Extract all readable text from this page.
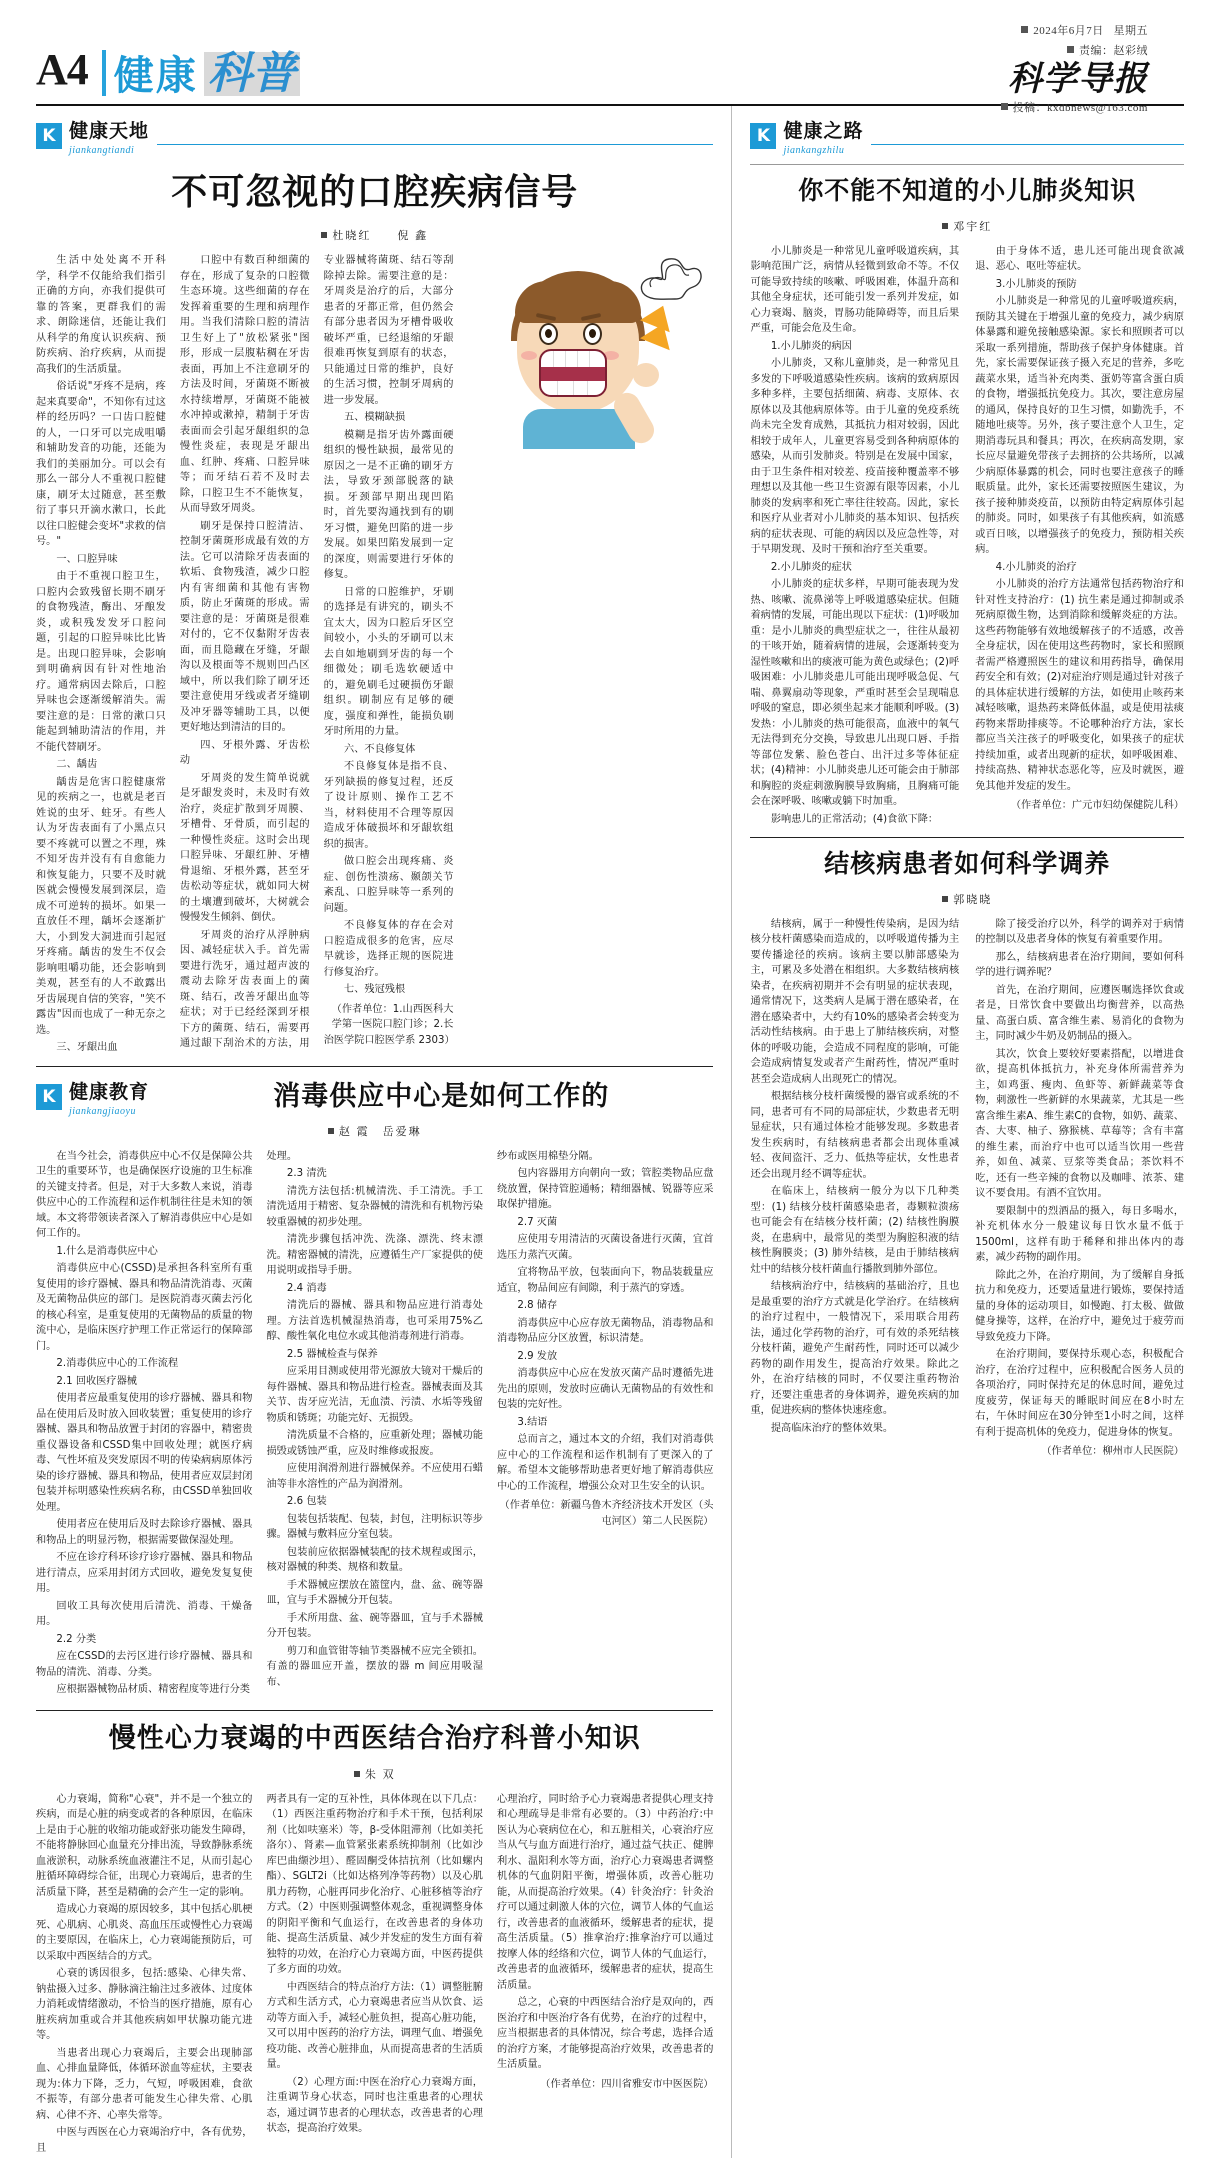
A4 健康 科普
2024年6月7日 星期五
责编：赵彩绒
科学导报
投稿：kxdbnews@163.com
K 健康天地
jiankangtiandi
不可忽视的口腔疾病信号
杜晓红　　倪 鑫

生活中处处离不开科学，科学不仅能给我们指引正确的方向，亦我们提供可靠的答案，更群我们的需求、朗除迷信，还能让我们从科学的角度认识疾病、预防疾病、治疗疾病，从而提高我们的生活质量。

俗话说"牙疼不是病，疼起来真要命"，不知你有过这样的经历吗？一口齿口腔健的人，一口牙可以完成咀嚼和辅助发音的功能，还能为我们的美丽加分。可以会有那么一部分人不重视口腔健康，刷牙太过随意，甚至敷衍了事只开滴水漱口，长此以往口腔健会变坏"求救的信号。"

一、口腔异味

由于不重视口腔卫生，口腔内会致残留长期不刷牙的食物残渣，酶出、牙酿发炎，或积残发发牙口腔问题，引起的口腔异味比比皆是。出现口腔异味，会影响到明确病因有针对性地治疗。通常病因去除后，口腔异味也会逐渐缓解消失。需要注意的是：日常的漱口只能起到辅助清洁的作用，并不能代替刷牙。

二、龋齿

龋齿是危害口腔健康常见的疾病之一，也就是老百姓说的虫牙、蛀牙。有些人认为牙齿表面有了小黑点只要不疼就可以置之不理，殊不知牙齿并没有有自愈能力和恢复能力，只要不及时就医就会慢慢发展到深层，造成不可逆转的损坏。如果一直放任不理，龋坏会逐渐扩大，小到发大洞进而引起冠牙疼痛。龋齿的发生不仅会影响咀嚼功能，还会影响到美观，甚至有的人不敢露出牙齿展现自信的笑容，"笑不露齿"因而也成了一种无奈之选。

三、牙龈出血

口腔中有数百种细菌的存在，形成了复杂的口腔微生态环境。这些细菌的存在发挥着重要的生理和病理作用。当我们清除口腔的清洁卫生好上了"放松紧张"图形，形成一层腹粘稠在牙齿表面，再加上不注意刷牙的方法及时间，牙菌斑不断被水持续增厚，牙菌斑不能被水冲掉或漱掉，精制于牙齿表面而会引起牙龈组织的急慢性炎症，表现是牙龈出血、红肿、疼痛、口腔异味等；而牙结石若不及时去除，口腔卫生不不能恢复，从而导致牙周炎。

刷牙是保持口腔清洁、控制牙菌斑形成最有效的方法。它可以清除牙齿表面的软垢、食物残渣，减少口腔内有害细菌和其他有害物质，防止牙菌斑的形成。需要注意的是：牙菌斑是很难对付的，它不仅黏附牙齿表面，而且隐藏在牙缝，牙龈沟以及根面等不规则凹凸区域中，所以我们除了刷牙还要注意使用牙线或者牙缝刷及冲牙器等辅助工具，以便更好地达到清洁的目的。

四、牙根外露、牙齿松动

牙周炎的发生简单说就是牙龈发炎时，未及时有效治疗，炎症扩散到牙周膜、牙槽骨、牙骨质，而引起的一种慢性炎症。这时会出现口腔异味、牙龈红肿、牙槽骨退缩、牙根外露，甚至牙齿松动等症状，就如同大树的土壤遭到破坏，大树就会慢慢发生倾斜、倒伏。

牙周炎的治疗从浮肿病因、减轻症状入手。首先需要进行洗牙，通过超声波的震动去除牙齿表面上的菌斑、结石，改善牙龈出血等症状；对于已经经深到牙根下方的菌斑、结石，需要再通过龈下刮治术的方法，用专业器械将菌斑、结石等刮除掉去除。需要注意的是：牙周炎是治疗的后，大部分患者的牙都正常，但仍然会有部分患者因为牙槽骨吸收破坏严重，已经退缩的牙龈很难再恢复到原有的状态，只能通过日常的维护，良好的生活习惯，控制牙周病的进一步发展。

五、模糊缺损

模糊是指牙齿外露面硬组织的慢性缺损，最常见的原因之一是不正确的刷牙方法，导致牙颈部脱落的缺损。牙颈部早期出现凹陷时，首先要沟通找到有的刷牙习惯，避免凹陷的进一步发展。如果凹陷发展到一定的深度，则需要进行牙体的修复。

日常的口腔维护，牙刷的选择是有讲究的，刷头不宜太大，因为口腔后牙区空间较小，小头的牙刷可以末去自如地刷到牙齿的每一个细微处；刷毛选软硬适中的，避免刷毛过硬损伤牙龈组织。刷制应有足够的硬度，强度和弹性，能损负刷牙时所用的力量。

六、不良修复体

不良修复体是指不良、牙列缺损的修复过程，还反了设计原则、操作工艺不当，材料使用不合理等原因造成牙体破损坏和牙龈软组织的损害。

做口腔会出现疼痛、炎症、创伤性溃疡、颞颌关节紊乱、口腔异味等一系列的问题。

不良修复体的存在会对口腔造成很多的危害，应尽早就诊，选择正规的医院进行修复治疗。

七、残冠残根

（作者单位：1.山西医科大学第一医院口腔门诊；2.长治医学院口腔医学系 2303）

K 健康教育
jiankangjiaoyu	消毒供应中心是如何工作的
赵 霞　岳爱琳

在当今社会，消毒供应中心不仅是保障公共卫生的重要环节，也是确保医疗设施的卫生标准的关键支持者。但是，对于大多数人来说，消毒供应中心的工作流程和运作机制往往是未知的领域。本文将带领读者深入了解消毒供应中心是如何工作的。

1.什么是消毒供应中心

消毒供应中心(CSSD)是承担各科室所有重复使用的诊疗器械、器具和物品清洗消毒、灭菌及无菌物品供应的部门。是医院消毒灭菌去污化的核心科室，是重复使用的无菌物品的质量的物流中心，是临床医疗护理工作正常运行的保障部门。

2.消毒供应中心的工作流程

2.1 回收医疗器械

使用者应最重复使用的诊疗器械、器具和物品在使用后及时放入回收装置；重复使用的诊疗器械、器具和物品放置于封闭的容器中，精密贵重仪器设备和CSSD集中回收处理；就医疗病毒、气性坏疽及突发原因不明的传染病病原体污染的诊疗器械、器具和物品，使用者应双层封闭包装并标明感染性疾病名称，由CSSD单独回收处理。

使用者应在使用后及时去除诊疗器械、器具和物品上的明显污物，根据需要做保湿处理。

不应在诊疗科环诊疗诊疗器械、器具和物品进行清点，应采用封闭方式回收，避免发复复使用。

回收工具每次使用后清洗、消毒、干燥备用。

2.2 分类

应在CSSD的去污区进行诊疗器械、器具和物品的清洗、消毒、分类。

应根据器械物品材质、精密程度等进行分类

处理。

2.3 清洗

清洗方法包括:机械清洗、手工清洗。手工清洗适用于精密、复杂器械的清洗和有机物污染较重器械的初步处理。

清洗步骤包括冲洗、洗涤、漂洗、终末漂洗。精密器械的清洗，应遵循生产厂家提供的使用说明或指导手册。

2.4 消毒

清洗后的器械、器具和物品应进行消毒处理。方法首选机械湿热消毒，也可采用75%乙醇、酸性氧化电位水或其他消毒剂进行消毒。

2.5 器械检查与保养

应采用目测或使用带光源放大镜对干燥后的每件器械、器具和物品进行检查。器械表面及其关节、齿牙应光洁，无血渍、污渍、水垢等残留物质和锈斑；功能完好、无损毁。

清洗质量不合格的，应重新处理；器械功能损毁或锈蚀严重，应及时维修或报废。

应使用润滑剂进行器械保养。不应使用石蜡油等非水溶性的产品为润滑剂。

2.6 包装

包装包括装配、包装，封包，注明标识等步骤。器械与敷料应分室包装。

包装前应依据器械装配的技术规程或图示，核对器械的种类、规格和数量。

手术器械应摆放在篮筐内，盘、盆、碗等器皿，宜与手术器械分开包装。

手术所用盘、盆、碗等器皿，宜与手术器械分开包装。

剪刀和血管钳等轴节类器械不应完全锁扣。有盖的器皿应开盖，摆放的器 m 间应用吸湿布、

纱布或医用棉垫分隔。

包内容器用方向朝向一致；管腔类物品应盘绕放置，保持管腔通畅；精细器械、锐器等应采取保护措施。

2.7 灭菌

应使用专用清洁的灭菌设备进行灭菌，宜首选压力蒸汽灭菌。

宜将物品平放，包装面向下，物品装载量应适宜，物品间应有间隙，利于蒸汽的穿透。

2.8 储存

消毒供应中心应存放无菌物品，消毒物品和消毒物品应分区放置，标识清楚。

2.9 发放

消毒供应中心应在发放灭菌产品时遵循先进先出的原则，发放时应确认无菌物品的有效性和包装的完好性。

3.结语

总而言之，通过本文的介绍，我们对消毒供应中心的工作流程和运作机制有了更深入的了解。希望本文能够帮助患者更好地了解消毒供应中心的工作流程，增强公众对卫生安全的认识。

（作者单位：新疆乌鲁木齐经济技术开发区（头屯河区）第二人民医院）

慢性心力衰竭的中西医结合治疗科普小知识
朱 双

心力衰竭，简称"心衰"，并不是一个独立的疾病，而是心脏的病变或者的各种原因，在临床上是由于心脏的收缩功能或舒张功能发生障碍，不能将静脉回心血量充分排出流，导致静脉系统血液淤积，动脉系统血液灌注不足，从而引起心脏循环障碍综合征，出现心力衰竭后，患者的生活质量下降，甚至是精确的会产生一定的影响。

造成心力衰竭的原因较多，其中包括心肌梗死、心肌病、心肌炎、高血压压或慢性心力衰竭的主要原因，在临床上，心力衰竭能预防后，可以采取中西医结合的方式。

心衰的诱因很多，包括:感染、心律失常、钠盐摄入过多、静脉滴注输注过多液体、过度体力消耗或情绪激动，不恰当的医疗措施，原有心脏疾病加重或合并其他疾病如甲状腺功能亢进等。

当患者出现心力衰竭后，主要会出现肺部血、心排血量降低，体循环淤血等症状，主要表现为:体力下降，乏力，气短，呼吸困难，食欲不振等，有部分患者可能发生心律失常、心肌病、心律不齐、心率失常等。

中医与西医在心力衰竭治疗中，各有优势，且

两者具有一定的互补性，具体体现在以下几点：（1）西医注重药物治疗和手术干预，包括利尿剂（比如呋塞米）等，β-受体阻滞剂（比如美托洛尔）、肾素—血管紧张素系统抑制剂（比如沙库巴曲缬沙坦）、醛固酮受体拮抗剂（比如螺内酯）、SGLT2i（比如达格列净等药物）以及心肌肌力药物，心脏再同步化治疗、心脏移植等治疗方式。（2）中医则强调整体观念，重视调整身体的阴阳平衡和气血运行，在改善患者的身体功能、提高生活质量、减少并发症的发生方面有着独特的功效，在治疗心力衰竭方面，中医药提供了多方面的功效。

中西医结合的特点治疗方法:（1）调整脏腑方式和生活方式，心力衰竭患者应当从饮食、运动等方面入手，减轻心脏负担，提高心脏功能，又可以用中医药的治疗方法，调理气血、增强免疫功能、改善心脏排血，从而提高患者的生活质量。

（2）心理方面:中医在治疗心力衰竭方面，注重调节身心状态，同时也注重患者的心理状态，通过调节患者的心理状态，改善患者的心理状态，提高治疗效果。

心理治疗，同时给予心力衰竭患者提供心理支持和心理疏导是非常有必要的。（3）中药治疗:中医认为心衰病位在心，和五脏相关，心衰治疗应当从气与血方面进行治疗，通过益气扶正、健脾利水、温阳利水等方面，治疗心力衰竭患者调整机体的气血阴阳平衡，增强体质，改善心脏功能，从而提高治疗效果。（4）针灸治疗：针灸治疗可以通过刺激人体的穴位，调节人体的气血运行，改善患者的血液循环，缓解患者的症状，提高生活质量。（5）推拿治疗:推拿治疗可以通过按摩人体的经络和穴位，调节人体的气血运行，改善患者的血液循环，缓解患者的症状，提高生活质量。

总之，心衰的中西医结合治疗是双向的，西医治疗和中医治疗各有优势，在治疗的过程中，应当根据患者的具体情况，综合考虑，选择合适的治疗方案，才能够提高治疗效果，改善患者的生活质量。

（作者单位：四川省雅安市中医医院）

K 健康之路
jiankangzhilu
你不能不知道的小儿肺炎知识
邓宇红

小儿肺炎是一种常见儿童呼吸道疾病，其影响范围广泛，病情从轻微到致命不等。不仅可能导致持续的咳嗽、呼吸困难，体温升高和其他全身症状，还可能引发一系列并发症，如心力衰竭、脑炎，胃肠功能障碍等，而且后果严重，可能会危及生命。

1.小儿肺炎的病因

小儿肺炎，又称儿童肺炎，是一种常见且多发的下呼吸道感染性疾病。该病的致病原因多种多样，主要包括细菌、病毒、支原体、衣原体以及其他病原体等。由于儿童的免疫系统尚未完全发育成熟，其抵抗力相对较弱，因此相较于成年人，儿童更容易受到各种病原体的感染，从而引发肺炎。特别是在发展中国家，由于卫生条件相对较差、疫苗接种覆盖率不够理想以及其他一些卫生资源有限等因素，小儿肺炎的发病率和死亡率往往较高。因此，家长和医疗从业者对小儿肺炎的基本知识、包括疾病的症状表现、可能的病因以及应急性等，对于早期发现、及时干预和治疗至关重要。

2.小儿肺炎的症状

小儿肺炎的症状多样，早期可能表现为发热、咳嗽、流鼻涕等上呼吸道感染症状。但随着病情的发展，可能出现以下症状：(1)呼吸加重：是小儿肺炎的典型症状之一，往往从最初的干咳开始，随着病情的进展，会逐渐转变为湿性咳嗽和出的痰液可能为黄色或绿色；(2)呼吸困难：小儿肺炎患儿可能出现呼吸急促、气喘、鼻翼扇动等现象，严重时甚至会呈现喘息呼吸的窒息，即必须坐起来才能顺利呼吸。(3)发热：小儿肺炎的热可能很高，血液中的氧气无法得到充分交换，导致患儿出现口唇、手指等部位发紫、脸色苍白、出汗过多等体征症状；(4)精神：小儿肺炎患儿还可能会由于肺部和胸腔的炎症刺激胸膜导致胸痛，且胸痛可能会在深呼吸、咳嗽或躺下时加重。

影响患儿的正常活动；(4)食欲下降：

由于身体不适，患儿还可能出现食欲减退、恶心、呕吐等症状。

3.小儿肺炎的预防

小儿肺炎是一种常见的儿童呼吸道疾病，预防其关键在于增强儿童的免疫力，减少病原体暴露和避免接触感染源。家长和照顾者可以采取一系列措施，帮助孩子保护身体健康。首先，家长需要保证孩子摄入充足的营养，多吃蔬菜水果，适当补充肉类、蛋奶等富含蛋白质的食物，增强抵抗免疫力。其次，要注意房屋的通风，保持良好的卫生习惯，如勤洗手，不随地吐痰等。另外，孩子要注意个人卫生，定期消毒玩具和餐具；再次，在疾病高发期，家长应尽量避免带孩子去拥挤的公共场所，以减少病原体暴露的机会，同时也要注意孩子的睡眠质量。此外，家长还需要按照医生建议，为孩子接种肺炎疫苗，以预防由特定病原体引起的肺炎。同时，如果孩子有其他疾病，如流感或百日咳，以增强孩子的免疫力，预防相关疾病。

4.小儿肺炎的治疗

小儿肺炎的治疗方法通常包括药物治疗和针对性支持治疗：(1) 抗生素是通过抑制或杀死病原微生物，达到消除和缓解炎症的方法。这些药物能够有效地缓解孩子的不适感，改善全身症状，因在使用这些药物时，家长和照顾者需严格遵照医生的建议和用药指导，确保用药安全和有效；(2)对症治疗则是通过针对孩子的具体症状进行缓解的方法，如使用止咳药来减轻咳嗽，退热药来降低体温，或是使用祛痰药物来帮助排痰等。不论哪种治疗方法，家长都应当关注孩子的呼吸变化，如果孩子的症状持续加重，或者出现新的症状，如呼吸困难、持续高热、精神状态恶化等，应及时就医，避免其他并发症的发生。

（作者单位：广元市妇幼保健院儿科）

结核病患者如何科学调养
郭晓晓

结核病，属于一种慢性传染病，是因为结核分枝杆菌感染而造成的，以呼吸道传播为主要传播途径的疾病。该病主要以肺部感染为主，可累及多处潜在相组织。大多数结核病核染者，在疾病初期并不会有明显的症状表现，通常情况下，这类病人是属于潜在感染者，在潜在感染者中，大约有10%的感染者会转变为活动性结核病。由于患上了肺结核疾病，对整体的呼吸功能，会造成不同程度的影响，可能会造成病情复发或者产生耐药性，情况严重时甚至会造成病人出现死亡的情况。

根据结核分枝杆菌缓慢的器官或系统的不同，患者可有不同的局部症状，少数患者无明显症状，只有通过体检才能够发现。多数患者发生疾病时，有结核病患者都会出现体重减轻、夜间盗汗、乏力、低热等症状，女性患者还会出现月经不调等症状。

在临床上，结核病一般分为以下几种类型：(1) 结核分枝杆菌感染患者，毒颗粒溃疡也可能会有在结核分枝杆菌；(2) 结核性胸膜炎，在患病中，最常见的类型为胸腔积液的结核性胸膜炎；(3) 肺外结核，是由于肺结核病灶中的结核分枝杆菌血行播散到肺外部位。

结核病治疗中，结核病的基础治疗，且也是最重要的治疗方式就是化学治疗。在结核病的治疗过程中，一般情况下，采用联合用药法，通过化学药物的治疗，可有效的杀死结核分枝杆菌，避免产生耐药性，同时还可以减少药物的副作用发生，提高治疗效果。除此之外，在治疗结核的同时，不仅要注重药物治疗，还要注重患者的身体调养，避免疾病的加重，促进疾病的整体快速痊愈。

提高临床治疗的整体效果。

除了接受治疗以外，科学的调养对于病情的控制以及患者身体的恢复有着重要作用。

那么，结核病患者在治疗期间，要如何科学的进行调养呢？

首先，在治疗期间，应遵医嘱选择饮食或者是，日常饮食中要做出均衡营养，以高热量、高蛋白质、富含维生素、易消化的食物为主，同时减少牛奶及奶制品的摄入。

其次，饮食上要较好要素搭配，以增进食欲，提高机体抵抗力，补充身体所需营养为主，如鸡蛋、瘦肉、鱼虾等、新鲜蔬菜等食物，刺激性一些新鲜的水果蔬菜，尤其是一些富含维生素A、维生素C的食物，如奶、蔬菜、杏、大枣、柚子、猕猴桃、草莓等；含有丰富的维生素，而治疗中也可以适当饮用一些营养，如鱼、减菜、豆浆等类食品；茶饮料不吃，还有一些辛辣的食物以及咖啡、浓茶、建议不要食用。有酒不宜饮用。

要限制中的烈酒品的摄入，每日多喝水，补充机体水分一般建议每日饮水量不低于1500ml，这样有助于稀释和排出体内的毒素，减少药物的副作用。

除此之外，在治疗期间，为了缓解自身抵抗力和免疫力，还要适量进行锻炼，要保持适量的身体的运动项目，如慢跑、打太极、做做健身操等，这样，在治疗中，避免过于疲劳而导致免疫力下降。

在治疗期间，要保持乐观心态，积极配合治疗，在治疗过程中，应积极配合医务人员的各项治疗，同时保持充足的休息时间，避免过度疲劳，保证每天的睡眠时间应在8小时左右，午休时间应在30分钟至1小时之间，这样有利于提高机体的免疫力，促进身体的恢复。

（作者单位：柳州市人民医院）
